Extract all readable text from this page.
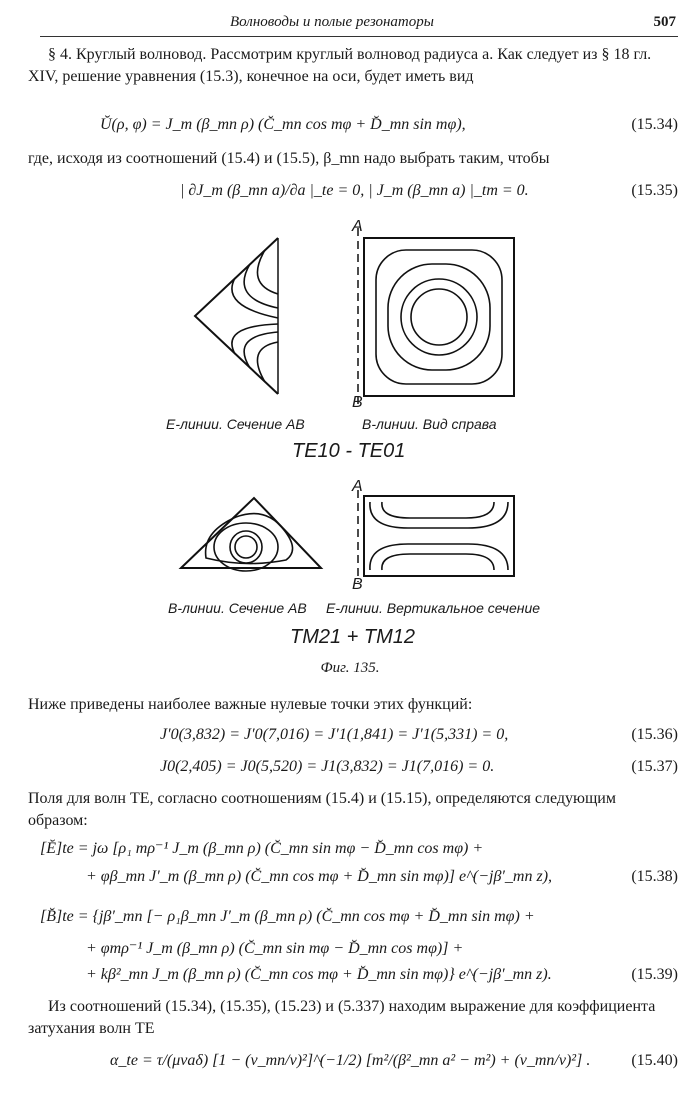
Волноводы и полые резонаторы	507
§ 4. Круглый волновод. Рассмотрим круглый волновод радиуса a. Как следует из § 18 гл. XIV, решение уравнения (15.3), конечное на оси, будет иметь вид
Ŭ(ρ, φ) = J_m (β_mn ρ) (C̆_mn cos mφ + D̆_mn sin mφ),	(15.34)
где, исходя из соотношений (15.4) и (15.5), β_mn надо выбрать таким, чтобы
| ∂J_m (β_mn a)/∂a |_te = 0, | J_m (β_mn a) |_tm = 0.	(15.35)
A
B
E-линии. Сечение AB	B-линии. Вид справа
TE10 - TE01
A
B
B-линии. Сечение AB E-линии. Вертикальное сечение
TM21 + TM12
Фиг. 135.
Ниже приведены наиболее важные нулевые точки этих функций:
J′0(3,832) = J′0(7,016) = J′1(1,841) = J′1(5,331) = 0,	(15.36)
J0(2,405) = J0(5,520) = J1(3,832) = J1(7,016) = 0.	(15.37)
Поля для волн TE, согласно соотношениям (15.4) и (15.15), определяются следующим образом:
[Ĕ]te = jω [ρ₁ mρ⁻¹ J_m (β_mn ρ) (C̆_mn sin mφ − D̆_mn cos mφ) +
+ φβ_mn J′_m (β_mn ρ) (C̆_mn cos mφ + D̆_mn sin mφ)] e^(−jβ′_mn z),	(15.38)
[B̆]te = {jβ′_mn [− ρ₁β_mn J′_m (β_mn ρ) (C̆_mn cos mφ + D̆_mn sin mφ) +
+ φmρ⁻¹ J_m (β_mn ρ) (C̆_mn sin mφ − D̆_mn cos mφ)] +
+ kβ²_mn J_m (β_mn ρ) (C̆_mn cos mφ + D̆_mn sin mφ)} e^(−jβ′_mn z).	(15.39)
Из соотношений (15.34), (15.35), (15.23) и (5.337) находим выражение для коэффициента затухания волн TE
α_te = τ/(μνaδ) [1 − (ν_mn/ν)²]^(−1/2) [m²/(β²_mn a² − m²) + (ν_mn/ν)²] .	(15.40)
